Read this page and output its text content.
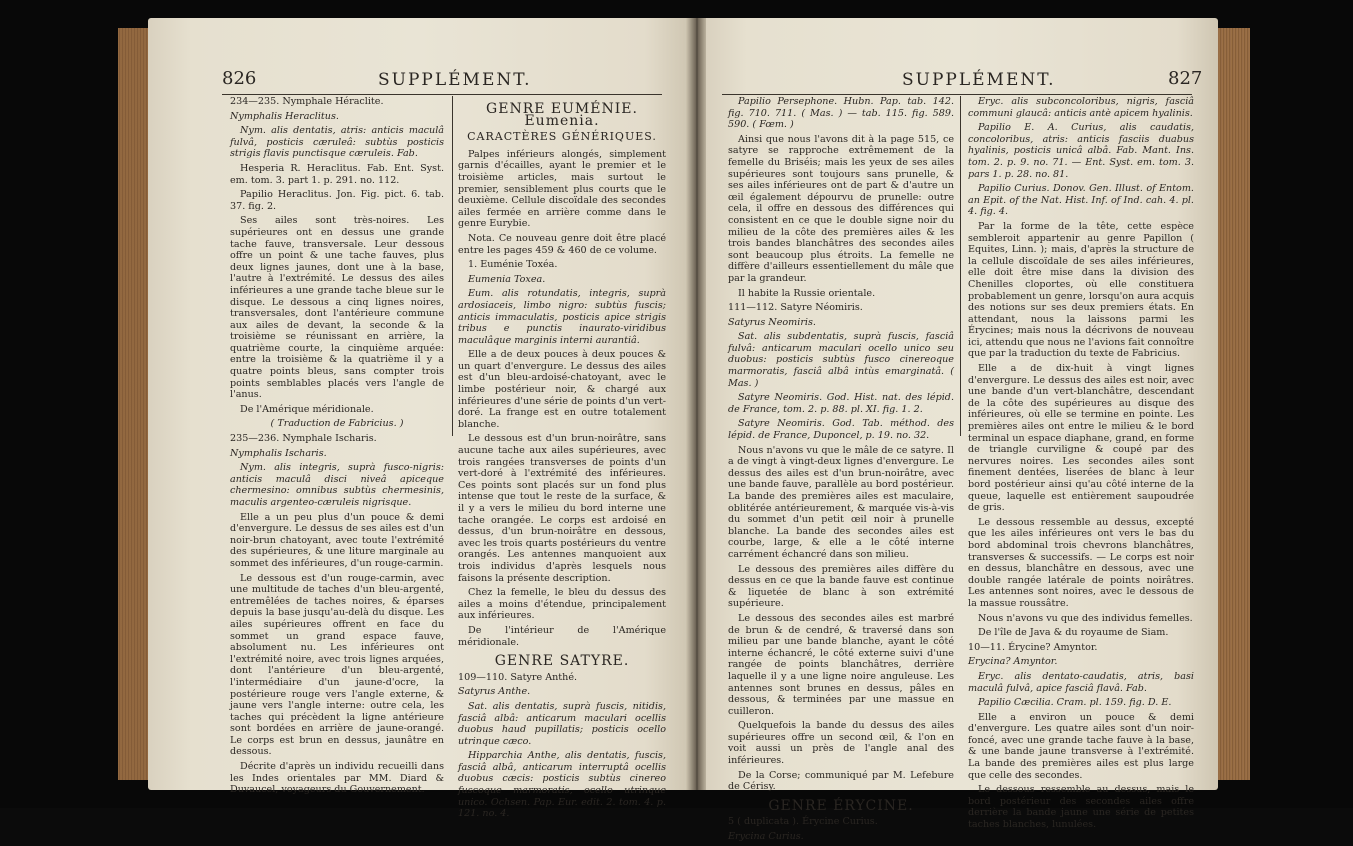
826	SUPPLÉMENT.

234—235. Nymphale Héraclite.

Nymphalis Heraclitus.

Nym. alis dentatis, atris: anticis maculâ fulvâ, posticis cæruleâ: subtùs posticis strigis flavis punctisque cæruleis. Fab.

Hesperia R. Heraclitus. Fab. Ent. Syst. em. tom. 3. part 1. p. 291. no. 112.

Papilio Heraclitus. Jon. Fig. pict. 6. tab. 37. fig. 2.

Ses ailes sont très-noires. Les supérieures ont en dessus une grande tache fauve, transversale. Leur dessous offre un point & une tache fauves, plus deux lignes jaunes, dont une à la base, l'autre à l'extrémité. Le dessus des ailes inférieures a une grande tache bleue sur le disque. Le dessous a cinq lignes noires, transversales, dont l'antérieure commune aux ailes de devant, la seconde & la troisième se réunissant en arrière, la quatrième courte, la cinquième arquée: entre la troisième & la quatrième il y a quatre points bleus, sans compter trois points semblables placés vers l'angle de l'anus.

De l'Amérique méridionale.

( Traduction de Fabricius. )

235—236. Nymphale Ischaris.

Nymphalis Ischaris.

Nym. alis integris, suprà fusco-nigris: anticis maculâ disci niveâ apiceque chermesino: omnibus subtùs chermesinis, maculis argenteo-cæruleis nigrisque.

Elle a un peu plus d'un pouce & demi d'envergure. Le dessus de ses ailes est d'un noir-brun chatoyant, avec toute l'extrémité des supérieures, & une liture marginale au sommet des inférieures, d'un rouge-carmin.

Le dessous est d'un rouge-carmin, avec une multitude de taches d'un bleu-argenté, entremêlées de taches noires, & éparses depuis la base jusqu'au-delà du disque. Les ailes supérieures offrent en face du sommet un grand espace fauve, absolument nu. Les inférieures ont l'extrémité noire, avec trois lignes arquées, dont l'antérieure d'un bleu-argenté, l'intermédiaire d'un jaune-d'ocre, la postérieure rouge vers l'angle externe, & jaune vers l'angle interne: outre cela, les taches qui précèdent la ligne antérieure sont bordées en arrière de jaune-orangé. Le corps est brun en dessus, jaunâtre en dessous.

Décrite d'après un individu recueilli dans les Indes orientales par MM. Diard & Duvaucel, voyageurs du Gouvernement.

GENRE EUMÉNIE. Eumenia.
CARACTÈRES GÉNÉRIQUES.

Palpes inférieurs alongés, simplement garnis d'écailles, ayant le premier et le troisième articles, mais surtout le premier, sensiblement plus courts que le deuxième. Cellule discoïdale des secondes ailes fermée en arrière comme dans le genre Eurybie.

Nota. Ce nouveau genre doit être placé entre les pages 459 & 460 de ce volume.

1. Euménie Toxéa.

Eumenia Toxea.

Eum. alis rotundatis, integris, suprà ardosiaceis, limbo nigro: subtùs fuscis; anticis immaculatis, posticis apice strigis tribus e punctis inaurato-viridibus maculâque marginis interni aurantiâ.

Elle a de deux pouces à deux pouces & un quart d'envergure. Le dessus des ailes est d'un bleu-ardoisé-chatoyant, avec le limbe postérieur noir, & chargé aux inférieures d'une série de points d'un vert-doré. La frange est en outre totalement blanche.

Le dessous est d'un brun-noirâtre, sans aucune tache aux ailes supérieures, avec trois rangées transverses de points d'un vert-doré à l'extrémité des inférieures. Ces points sont placés sur un fond plus intense que tout le reste de la surface, & il y a vers le milieu du bord interne une tache orangée. Le corps est ardoisé en dessus, d'un brun-noirâtre en dessous, avec les trois quarts postérieurs du ventre orangés. Les antennes manquoient aux trois individus d'après lesquels nous faisons la présente description.

Chez la femelle, le bleu du dessus des ailes a moins d'étendue, principalement aux inférieures.

De l'intérieur de l'Amérique méridionale.

GENRE SATYRE.

109—110. Satyre Anthé.

Satyrus Anthe.

Sat. alis dentatis, suprà fuscis, nitidis, fasciâ albâ: anticarum maculari ocellis duobus haud pupillatis; posticis ocello utrinque cæco.

Hipparchia Anthe, alis dentatis, fuscis, fasciâ albâ, anticarum interruptâ ocellis duobus cæcis: posticis subtùs cinereo fuscoque marmoratis, ocello utrinque unico. Ochsen. Pap. Eur. edit. 2. tom. 4. p. 121. no. 4.

SUPPLÉMENT.	827

Papilio Persephone. Hubn. Pap. tab. 142. fig. 710. 711. ( Mas. ) — tab. 115. fig. 589. 590. ( Fœm. )

Ainsi que nous l'avons dit à la page 515, ce satyre se rapproche extrêmement de la femelle du Briséis; mais les yeux de ses ailes supérieures sont toujours sans prunelle, & ses ailes inférieures ont de part & d'autre un œil également dépourvu de prunelle: outre cela, il offre en dessous des différences qui consistent en ce que le double signe noir du milieu de la côte des premières ailes & les trois bandes blanchâtres des secondes ailes sont beaucoup plus étroits. La femelle ne diffère d'ailleurs essentiellement du mâle que par la grandeur.

Il habite la Russie orientale.

111—112. Satyre Néomiris.

Satyrus Neomiris.

Sat. alis subdentatis, suprà fuscis, fasciâ fulvâ: anticarum maculari ocello unico seu duobus: posticis subtùs fusco cinereoque marmoratis, fasciâ albâ intùs emarginatâ. ( Mas. )

Satyre Neomiris. God. Hist. nat. des lépid. de France, tom. 2. p. 88. pl. XI. fig. 1. 2.

Satyre Neomiris. God. Tab. méthod. des lépid. de France, Duponcel, p. 19. no. 32.

Nous n'avons vu que le mâle de ce satyre. Il a de vingt à vingt-deux lignes d'envergure. Le dessus des ailes est d'un brun-noirâtre, avec une bande fauve, parallèle au bord postérieur. La bande des premières ailes est maculaire, oblitérée antérieurement, & marquée vis-à-vis du sommet d'un petit œil noir à prunelle blanche. La bande des secondes ailes est courbe, large, & elle a le côté interne carrément échancré dans son milieu.

Le dessous des premières ailes diffère du dessus en ce que la bande fauve est continue & liquetée de blanc à son extrémité supérieure.

Le dessous des secondes ailes est marbré de brun & de cendré, & traversé dans son milieu par une bande blanche, ayant le côté interne échancré, le côté externe suivi d'une rangée de points blanchâtres, derrière laquelle il y a une ligne noire anguleuse. Les antennes sont brunes en dessus, pâles en dessous, & terminées par une massue en cuilleron.

Quelquefois la bande du dessus des ailes supérieures offre un second œil, & l'on en voit aussi un près de l'angle anal des inférieures.

De la Corse; communiqué par M. Lefebure de Cérisy.

GENRE ÉRYCINE.

5 ( duplicata ). Érycine Curius.

Erycina Curius.

Eryc. alis subconcoloribus, nigris, fasciâ communi glaucâ: anticis antè apicem hyalinis.

Papilio E. A. Curius, alis caudatis, concoloribus, atris: anticis fasciis duabus hyalinis, posticis unicâ albâ. Fab. Mant. Ins. tom. 2. p. 9. no. 71. — Ent. Syst. em. tom. 3. pars 1. p. 28. no. 81.

Papilio Curius. Donov. Gen. Illust. of Entom. an Epit. of the Nat. Hist. Inf. of Ind. cah. 4. pl. 4. fig. 4.

Par la forme de la tête, cette espèce sembleroit appartenir au genre Papillon ( Equites, Linn. ); mais, d'après la structure de la cellule discoïdale de ses ailes inférieures, elle doit être mise dans la division des Chenilles cloportes, où elle constituera probablement un genre, lorsqu'on aura acquis des notions sur ses deux premiers états. En attendant, nous la laissons parmi les Érycines; mais nous la décrivons de nouveau ici, attendu que nous ne l'avions fait connoître que par la traduction du texte de Fabricius.

Elle a de dix-huit à vingt lignes d'envergure. Le dessus des ailes est noir, avec une bande d'un vert-blanchâtre, descendant de la côte des supérieures au disque des inférieures, où elle se termine en pointe. Les premières ailes ont entre le milieu & le bord terminal un espace diaphane, grand, en forme de triangle curviligne & coupé par des nervures noires. Les secondes ailes sont finement dentées, liserées de blanc à leur bord postérieur ainsi qu'au côté interne de la queue, laquelle est entièrement saupoudrée de gris.

Le dessous ressemble au dessus, excepté que les ailes inférieures ont vers le bas du bord abdominal trois chevrons blanchâtres, transverses & successifs. — Le corps est noir en dessus, blanchâtre en dessous, avec une double rangée latérale de points noirâtres. Les antennes sont noires, avec le dessous de la massue roussâtre.

Nous n'avons vu que des individus femelles.

De l'île de Java & du royaume de Siam.

10—11. Érycine? Amyntor.

Erycina? Amyntor.

Eryc. alis dentato-caudatis, atris, basi maculâ fulvâ, apice fasciâ flavâ. Fab.

Papilio Cæcilia. Cram. pl. 159. fig. D. E.

Elle a environ un pouce & demi d'envergure. Les quatre ailes sont d'un noir-foncé, avec une grande tache fauve à la base, & une bande jaune transverse à l'extrémité. La bande des premières ailes est plus large que celle des secondes.

Le dessous ressemble au dessus, mais le bord postérieur des secondes ailes offre derrière la bande jaune une série de petites taches blanches, lunulées.
